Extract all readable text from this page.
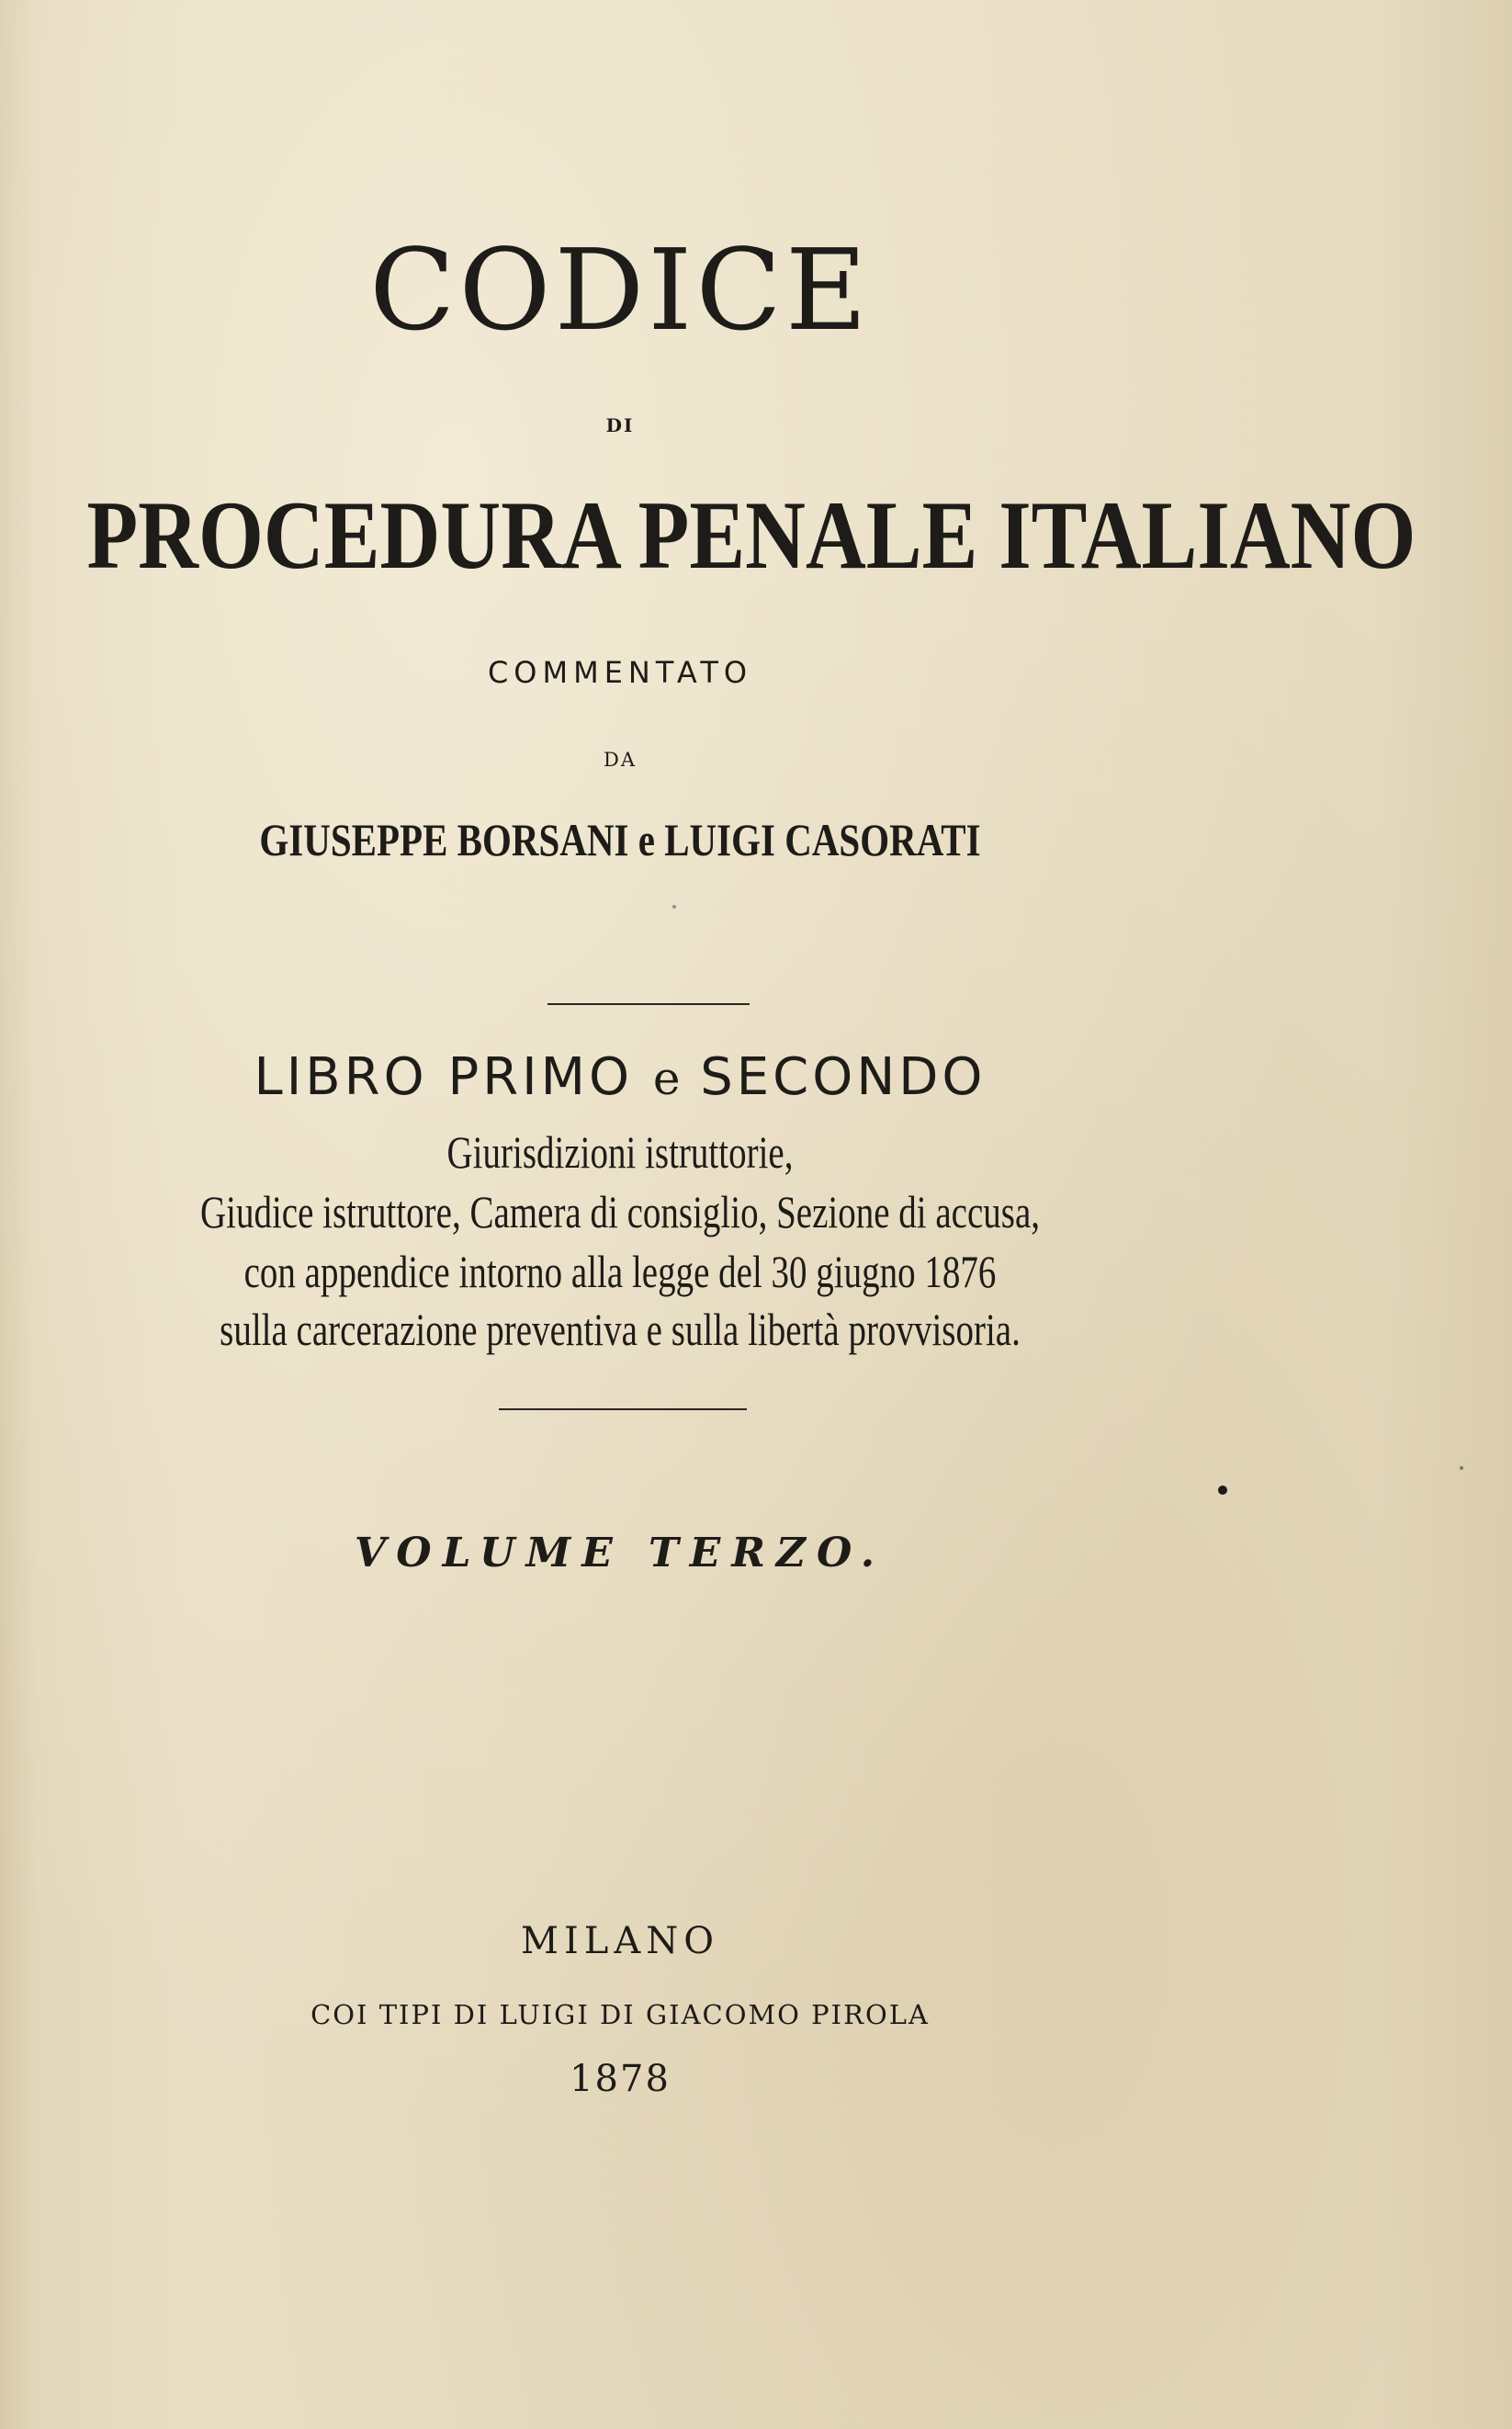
CODICE
DI
PROCEDURA PENALE ITALIANO
COMMENTATO
DA
GIUSEPPE BORSANI e LUIGI CASORATI
LIBRO PRIMO e SECONDO
Giurisdizioni istruttorie,
Giudice istruttore, Camera di consiglio, Sezione di accusa,
con appendice intorno alla legge del 30 giugno 1876
sulla carcerazione preventiva e sulla libertà provvisoria.
VOLUME TERZO.
MILANO
COI TIPI DI LUIGI DI GIACOMO PIROLA
1878
